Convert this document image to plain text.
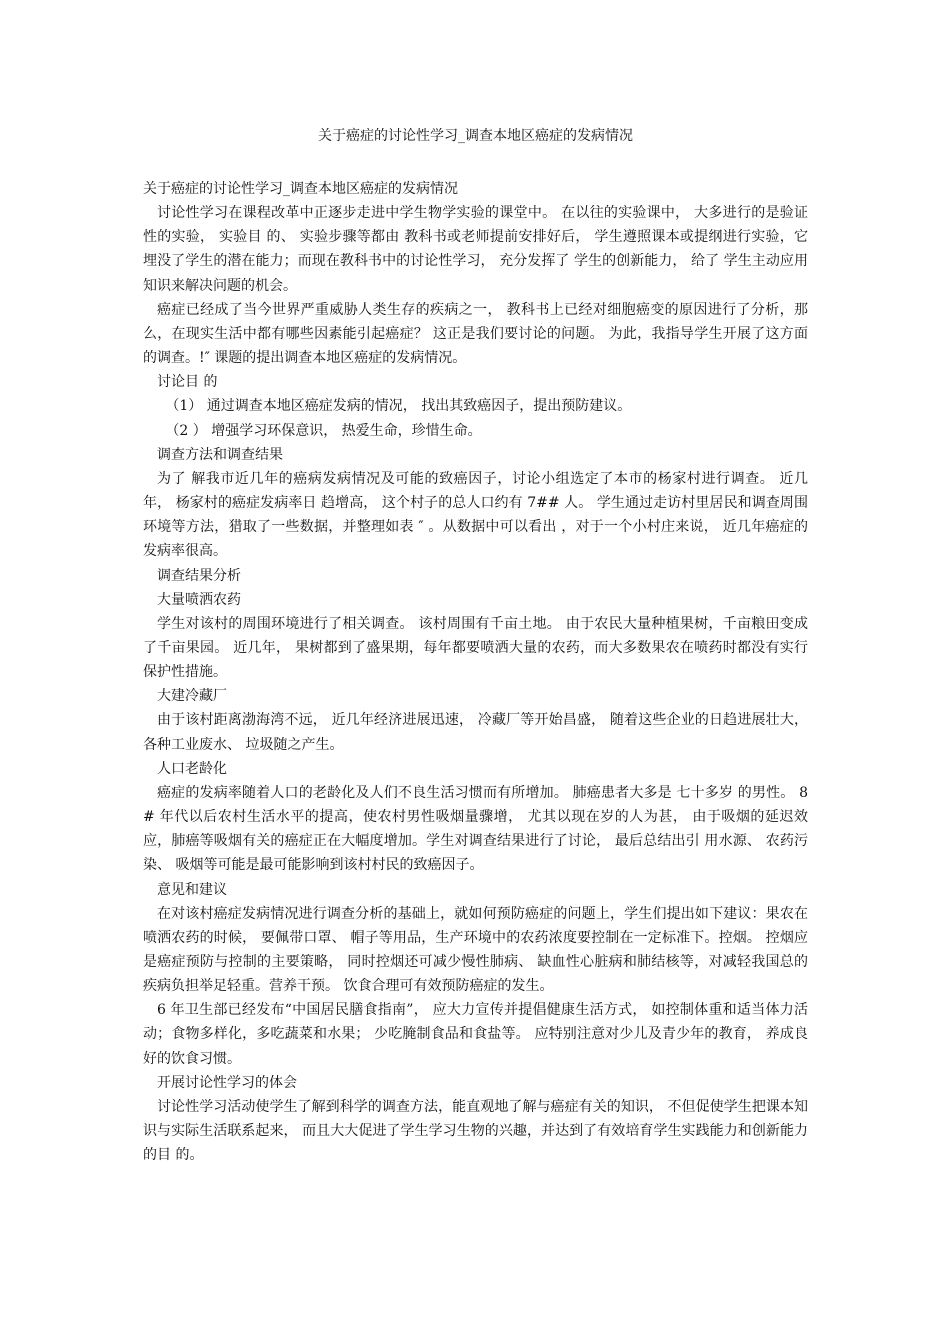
关于癌症的讨论性学习_调查本地区癌症的发病情况

关于癌症的讨论性学习_调查本地区癌症的发病情况

讨论性学习在课程改革中正逐步走进中学生物学实验的课堂中。 在以往的实验课中， 大多进行的是验证性的实验， 实验目 的、 实验步骤等都由 教科书或老师提前安排好后， 学生遵照课本或提纲进行实验，它埋没了学生的潜在能力；而现在教科书中的讨论性学习， 充分发挥了 学生的创新能力， 给了 学生主动应用知识来解决问题的机会。

癌症已经成了当今世界严重威胁人类生存的疾病之一， 教科书上已经对细胞癌变的原因进行了分析，那么，在现实生活中都有哪些因素能引起癌症？ 这正是我们要讨论的问题。 为此，我指导学生开展了这方面的调查。!″ 课题的提出调查本地区癌症的发病情况。

讨论目 的

（1） 通过调查本地区癌症发病的情况， 找出其致癌因子，提出预防建议。

（2 ） 增强学习环保意识， 热爱生命，珍惜生命。

调查方法和调查结果

为了 解我市近几年的癌病发病情况及可能的致癌因子，讨论小组选定了本市的杨家村进行调查。 近几年， 杨家村的癌症发病率日 趋增高， 这个村子的总人口约有 7## 人。 学生通过走访村里居民和调查周围环境等方法，猎取了一些数据，并整理如表 ″ 。从数据中可以看出 ，对于一个小村庄来说， 近几年癌症的发病率很高。

调查结果分析

大量喷洒农药

学生对该村的周围环境进行了相关调查。 该村周围有千亩土地。 由于农民大量种植果树，千亩粮田变成了千亩果园。 近几年， 果树都到了盛果期，每年都要喷洒大量的农药，而大多数果农在喷药时都没有实行保护性措施。

大建冷藏厂

由于该村距离渤海湾不远， 近几年经济进展迅速， 冷藏厂等开始昌盛， 随着这些企业的日趋进展壮大，各种工业废水、 垃圾随之产生。

人口老龄化

癌症的发病率随着人口的老龄化及人们不良生活习惯而有所增加。 肺癌患者大多是 七十多岁 的男性。 8# 年代以后农村生活水平的提高，使农村男性吸烟量骤增， 尤其以现在岁的人为甚， 由于吸烟的延迟效应，肺癌等吸烟有关的癌症正在大幅度增加。学生对调查结果进行了讨论， 最后总结出引 用水源、 农药污染、 吸烟等可能是最可能影响到该村村民的致癌因子。

意见和建议

在对该村癌症发病情况进行调查分析的基础上，就如何预防癌症的问题上，学生们提出如下建议：果农在喷洒农药的时候， 要佩带口罩、 帽子等用品，生产环境中的农药浓度要控制在一定标准下。控烟。 控烟应是癌症预防与控制的主要策略， 同时控烟还可减少慢性肺病、 缺血性心脏病和肺结核等，对减轻我国总的疾病负担举足轻重。营养干预。 饮食合理可有效预防癌症的发生。

6 年卫生部已经发布“中国居民膳食指南”， 应大力宣传并提倡健康生活方式， 如控制体重和适当体力活动；食物多样化，多吃蔬菜和水果； 少吃腌制食品和食盐等。 应特别注意对少儿及青少年的教育， 养成良好的饮食习惯。

开展讨论性学习的体会

讨论性学习活动使学生了解到科学的调查方法，能直观地了解与癌症有关的知识， 不但促使学生把课本知识与实际生活联系起来， 而且大大促进了学生学习生物的兴趣，并达到了有效培育学生实践能力和创新能力的目 的。
